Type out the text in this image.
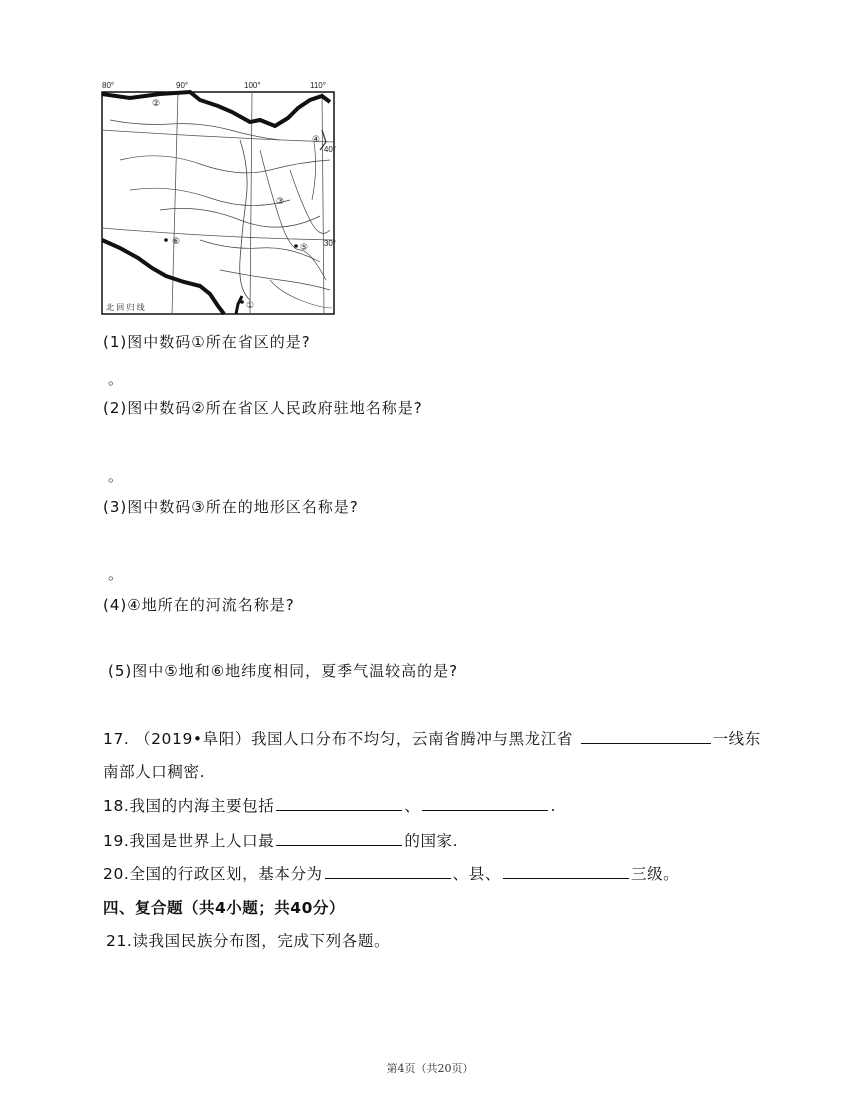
80°	90°	100°	110°
40°
30°
②
④
③
⑤
⑥
①
北 回 归 线
(1)图中数码①所在省区的是?
。
(2)图中数码②所在省区人民政府驻地名称是?
。
(3)图中数码③所在的地形区名称是?
。
(4)④地所在的河流名称是?
(5)图中⑤地和⑥地纬度相同，夏季气温较高的是?
17. （2019•阜阳）我国人口分布不均匀，云南省腾冲与黑龙江省	一线东
南部人口稠密.
18.我国的内海主要包括	、	.
19.我国是世界上人口最	的国家.
20.全国的行政区划，基本分为	、县、	三级。
四、复合题（共4小题；共40分）
21.读我国民族分布图，完成下列各题。
第4页（共20页）
